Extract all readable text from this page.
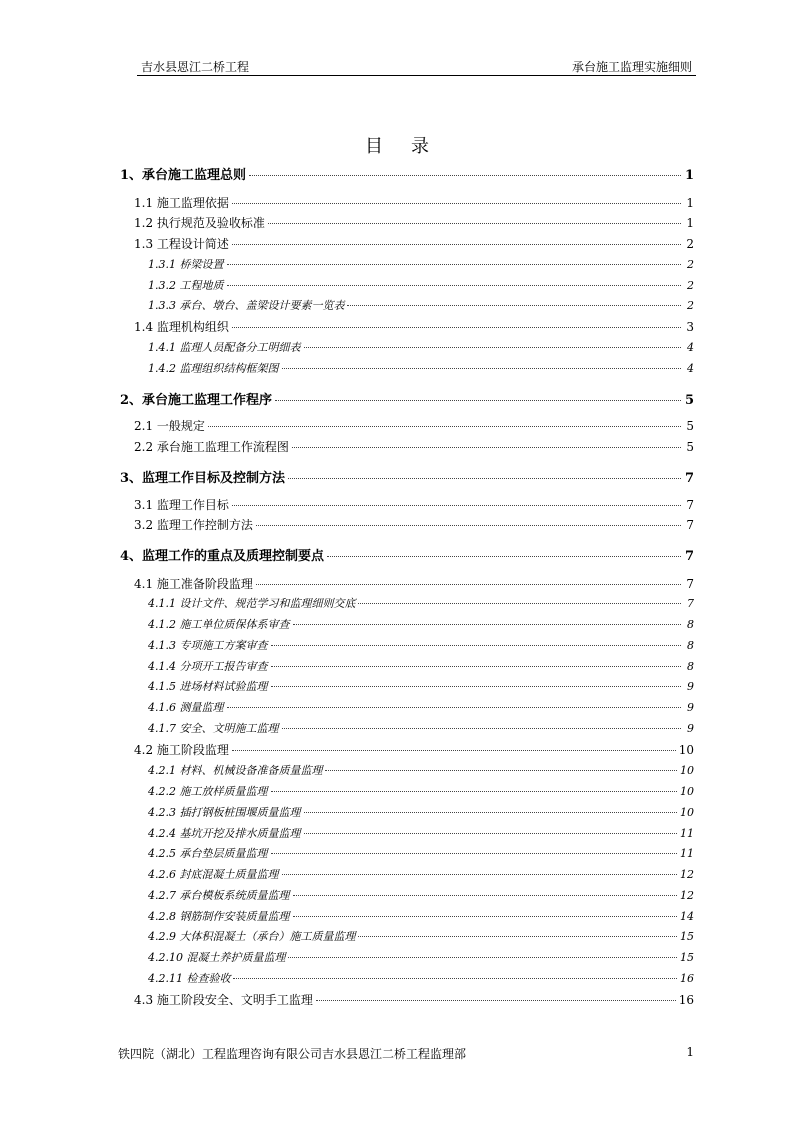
吉水县恩江二桥工程	承台施工监理实施细则
目录
1、承台施工监理总则	1
1.1 施工监理依据	1
1.2 执行规范及验收标准	1
1.3 工程设计简述	2
1.3.1 桥梁设置	2
1.3.2 工程地质	2
1.3.3 承台、墩台、盖梁设计要素一览表	2
1.4 监理机构组织	3
1.4.1 监理人员配备分工明细表	4
1.4.2 监理组织结构框架图	4
2、承台施工监理工作程序	5
2.1 一般规定	5
2.2 承台施工监理工作流程图	5
3、监理工作目标及控制方法	7
3.1 监理工作目标	7
3.2 监理工作控制方法	7
4、监理工作的重点及质理控制要点	7
4.1 施工准备阶段监理	7
4.1.1 设计文件、规范学习和监理细则交底	7
4.1.2 施工单位质保体系审查	8
4.1.3 专项施工方案审查	8
4.1.4 分项开工报告审查	8
4.1.5 进场材料试验监理	9
4.1.6 测量监理	9
4.1.7 安全、文明施工监理	9
4.2 施工阶段监理	10
4.2.1 材料、机械设备准备质量监理	10
4.2.2 施工放样质量监理	10
4.2.3 插打钢板桩围堰质量监理	10
4.2.4 基坑开挖及排水质量监理	11
4.2.5 承台垫层质量监理	11
4.2.6 封底混凝土质量监理	12
4.2.7 承台模板系统质量监理	12
4.2.8 钢筋制作安装质量监理	14
4.2.9 大体积混凝土（承台）施工质量监理	15
4.2.10 混凝土养护质量监理	15
4.2.11 检查验收	16
4.3 施工阶段安全、文明手工监理	16
铁四院（湖北）工程监理咨询有限公司吉水县恩江二桥工程监理部	1
